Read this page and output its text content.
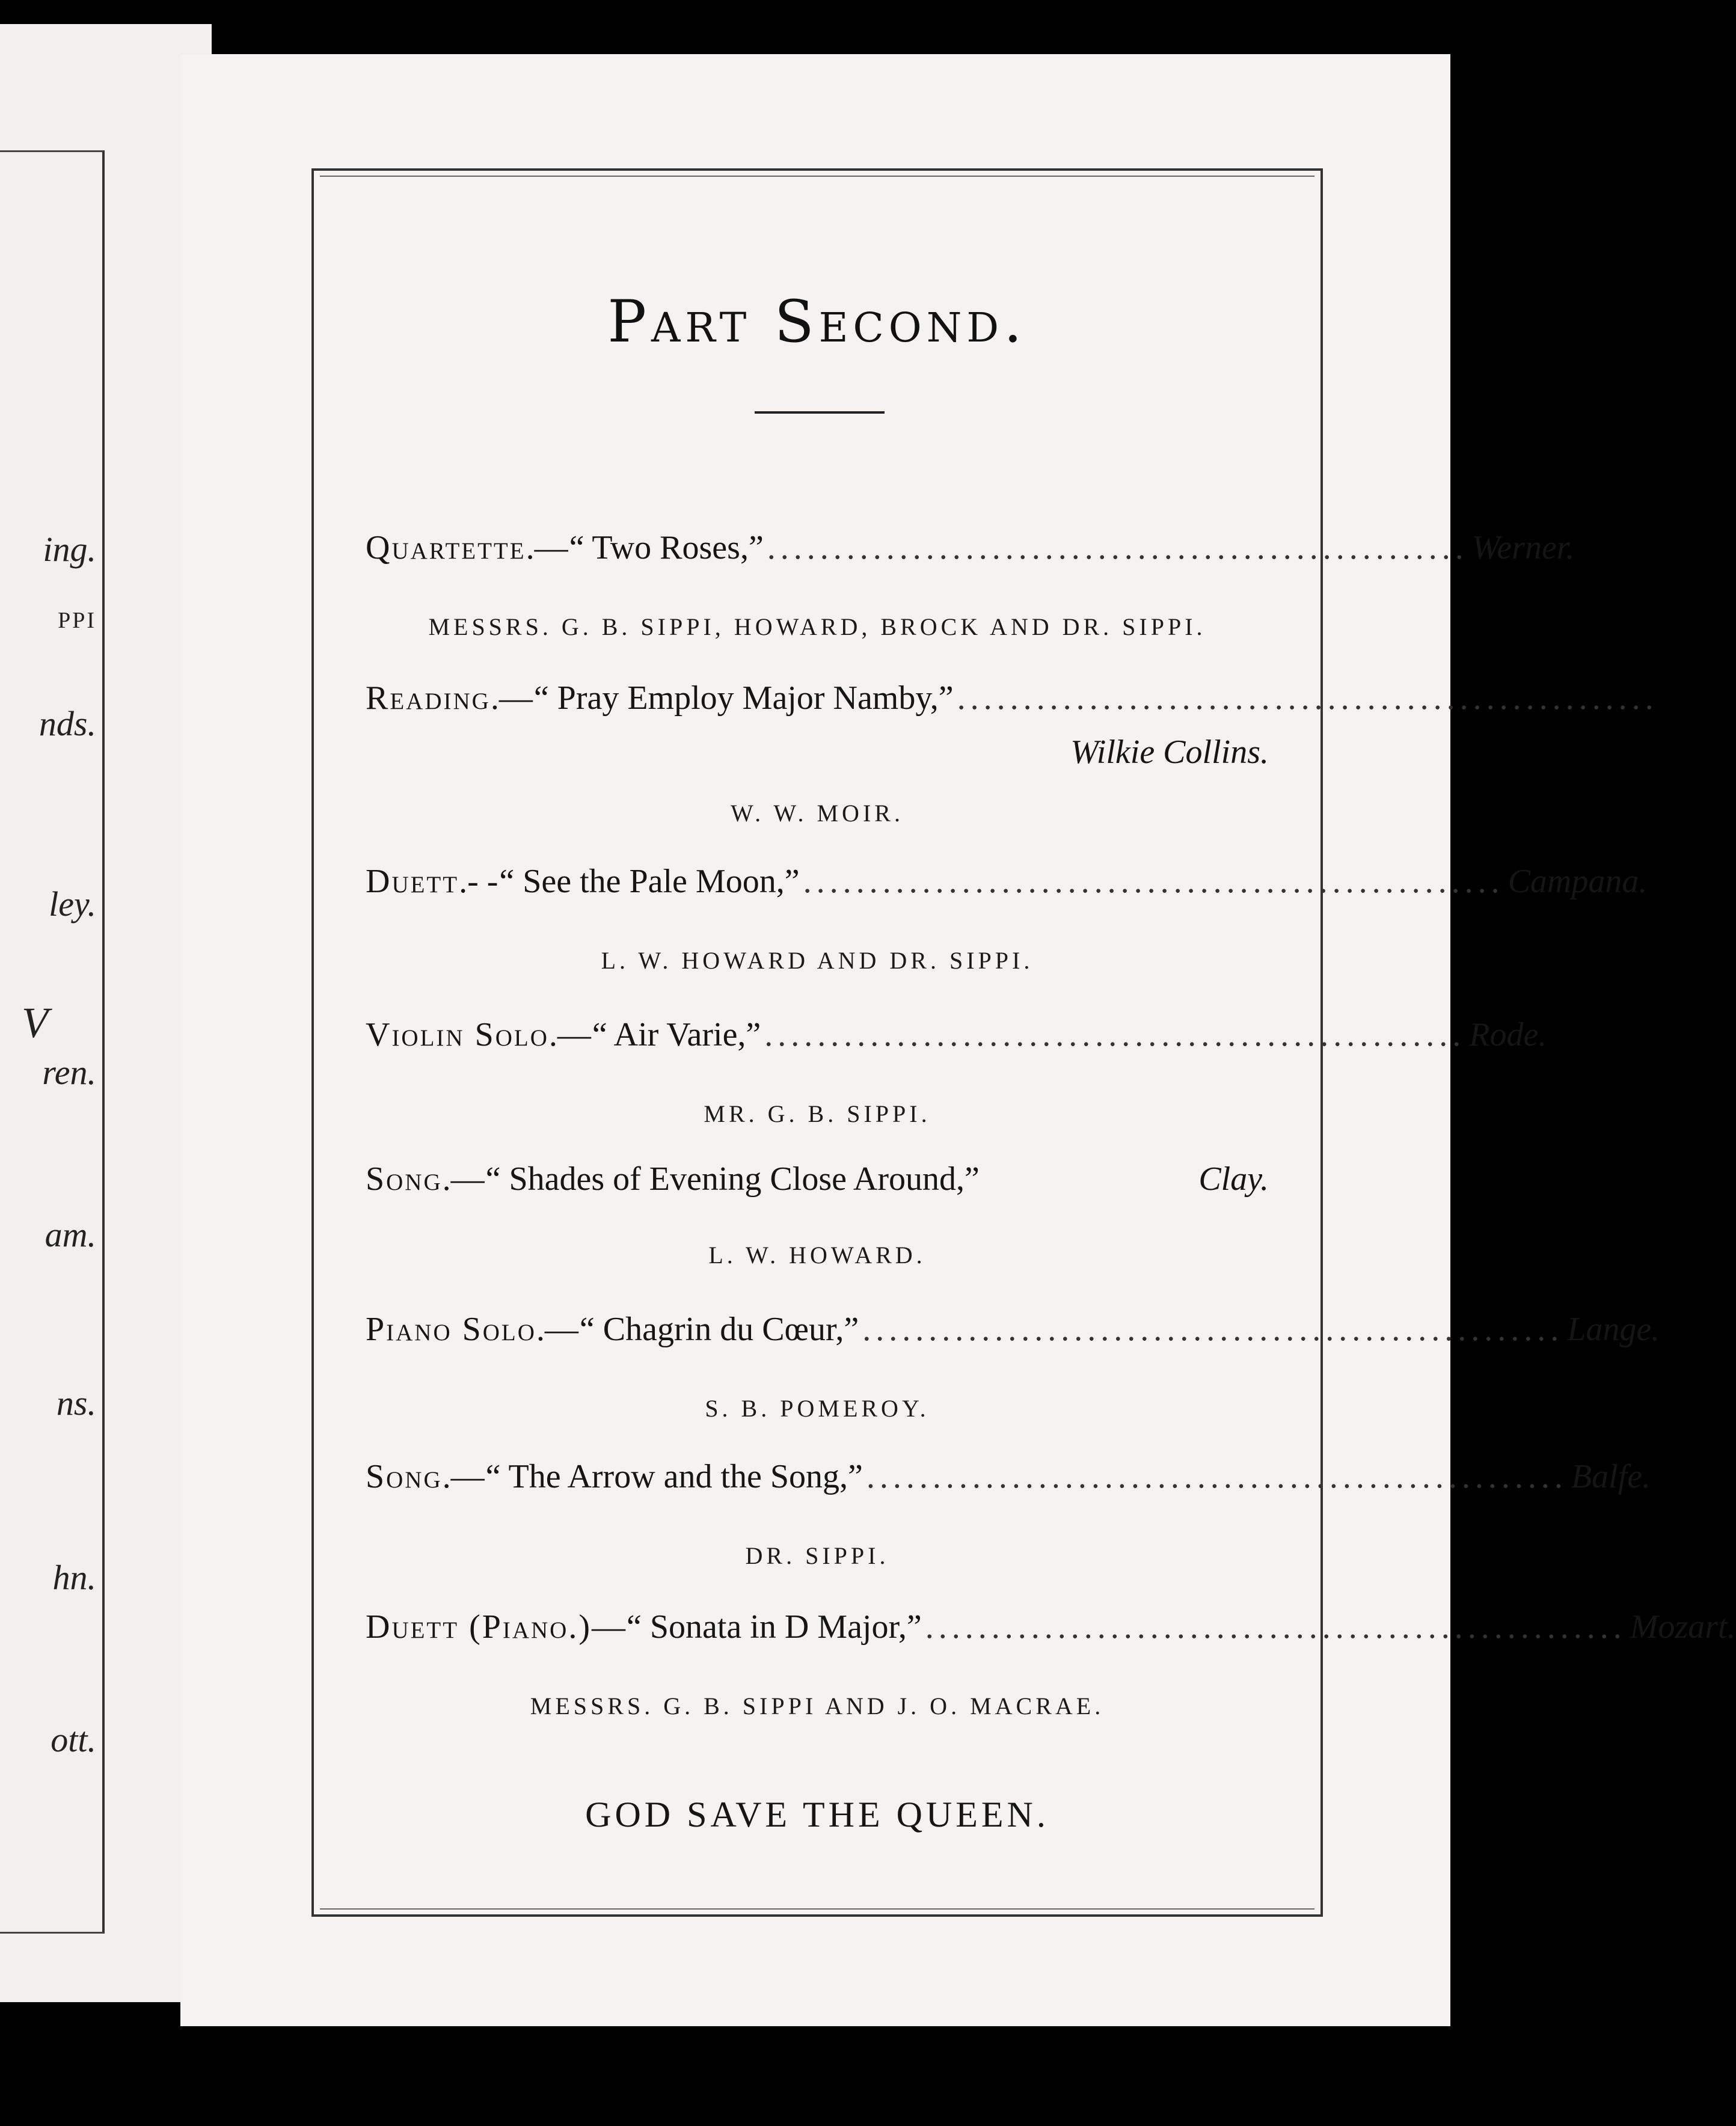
ing.
PPI
nds.
ley.
V
ren.
am.
ns.
hn.
ott.
Part Second.
Quartette .— “ Two Roses,” ..................................................... Werner.
MESSRS. G. B. SIPPI, HOWARD, BROCK AND DR. SIPPI.
Reading .— “ Pray Employ Major Namby,” .....................................................
Wilkie Collins.
W. W. MOIR.
Duett .- - “ See the Pale Moon,” ..................................................... Campana.
L. W. HOWARD AND DR. SIPPI.
Violin Solo .— “ Air Varie,” ..................................................... Rode.
MR. G. B. SIPPI.
Song .— “ Shades of Evening Close Around,”	Clay.
L. W. HOWARD.
Piano Solo .— “ Chagrin du Cœur,” ..................................................... Lange.
S. B. POMEROY.
Song .— “ The Arrow and the Song,” ..................................................... Balfe.
DR. SIPPI.
Duett (Piano.) — “ Sonata in D Major,” ..................................................... Mozart.
MESSRS. G. B. SIPPI AND J. O. MACRAE.
GOD SAVE THE QUEEN.
